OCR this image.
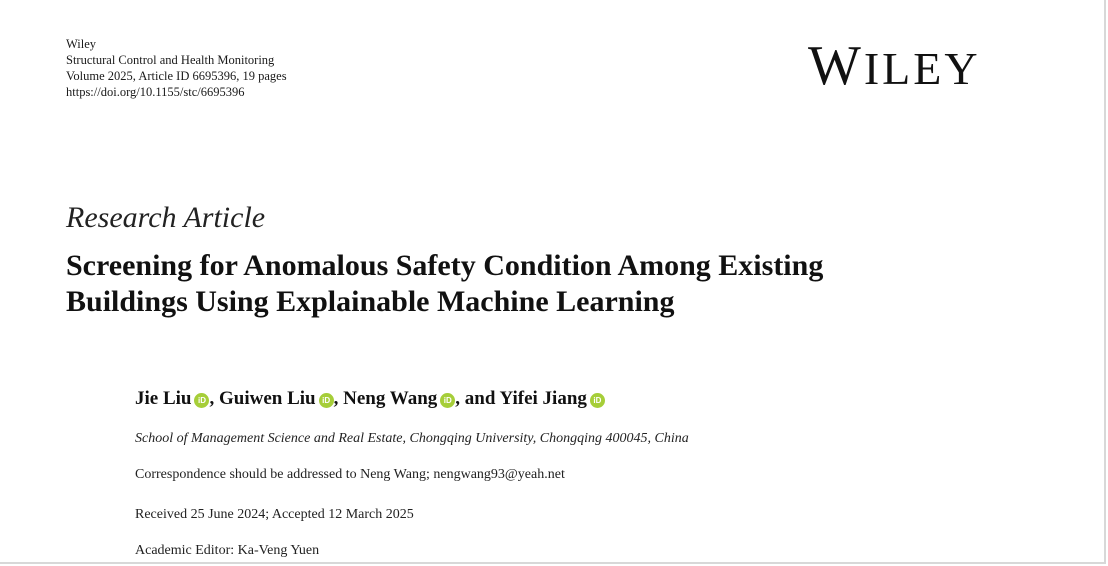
Wiley
Structural Control and Health Monitoring
Volume 2025, Article ID 6695396, 19 pages
https://doi.org/10.1155/stc/6695396	WILEY
Research Article
Screening for Anomalous Safety Condition Among Existing
Buildings Using Explainable Machine Learning
Jie Liu iD , Guiwen Liu iD , Neng Wang iD , and Yifei Jiang iD
School of Management Science and Real Estate, Chongqing University, Chongqing 400045, China
Correspondence should be addressed to Neng Wang; nengwang93@yeah.net
Received 25 June 2024; Accepted 12 March 2025
Academic Editor: Ka-Veng Yuen
